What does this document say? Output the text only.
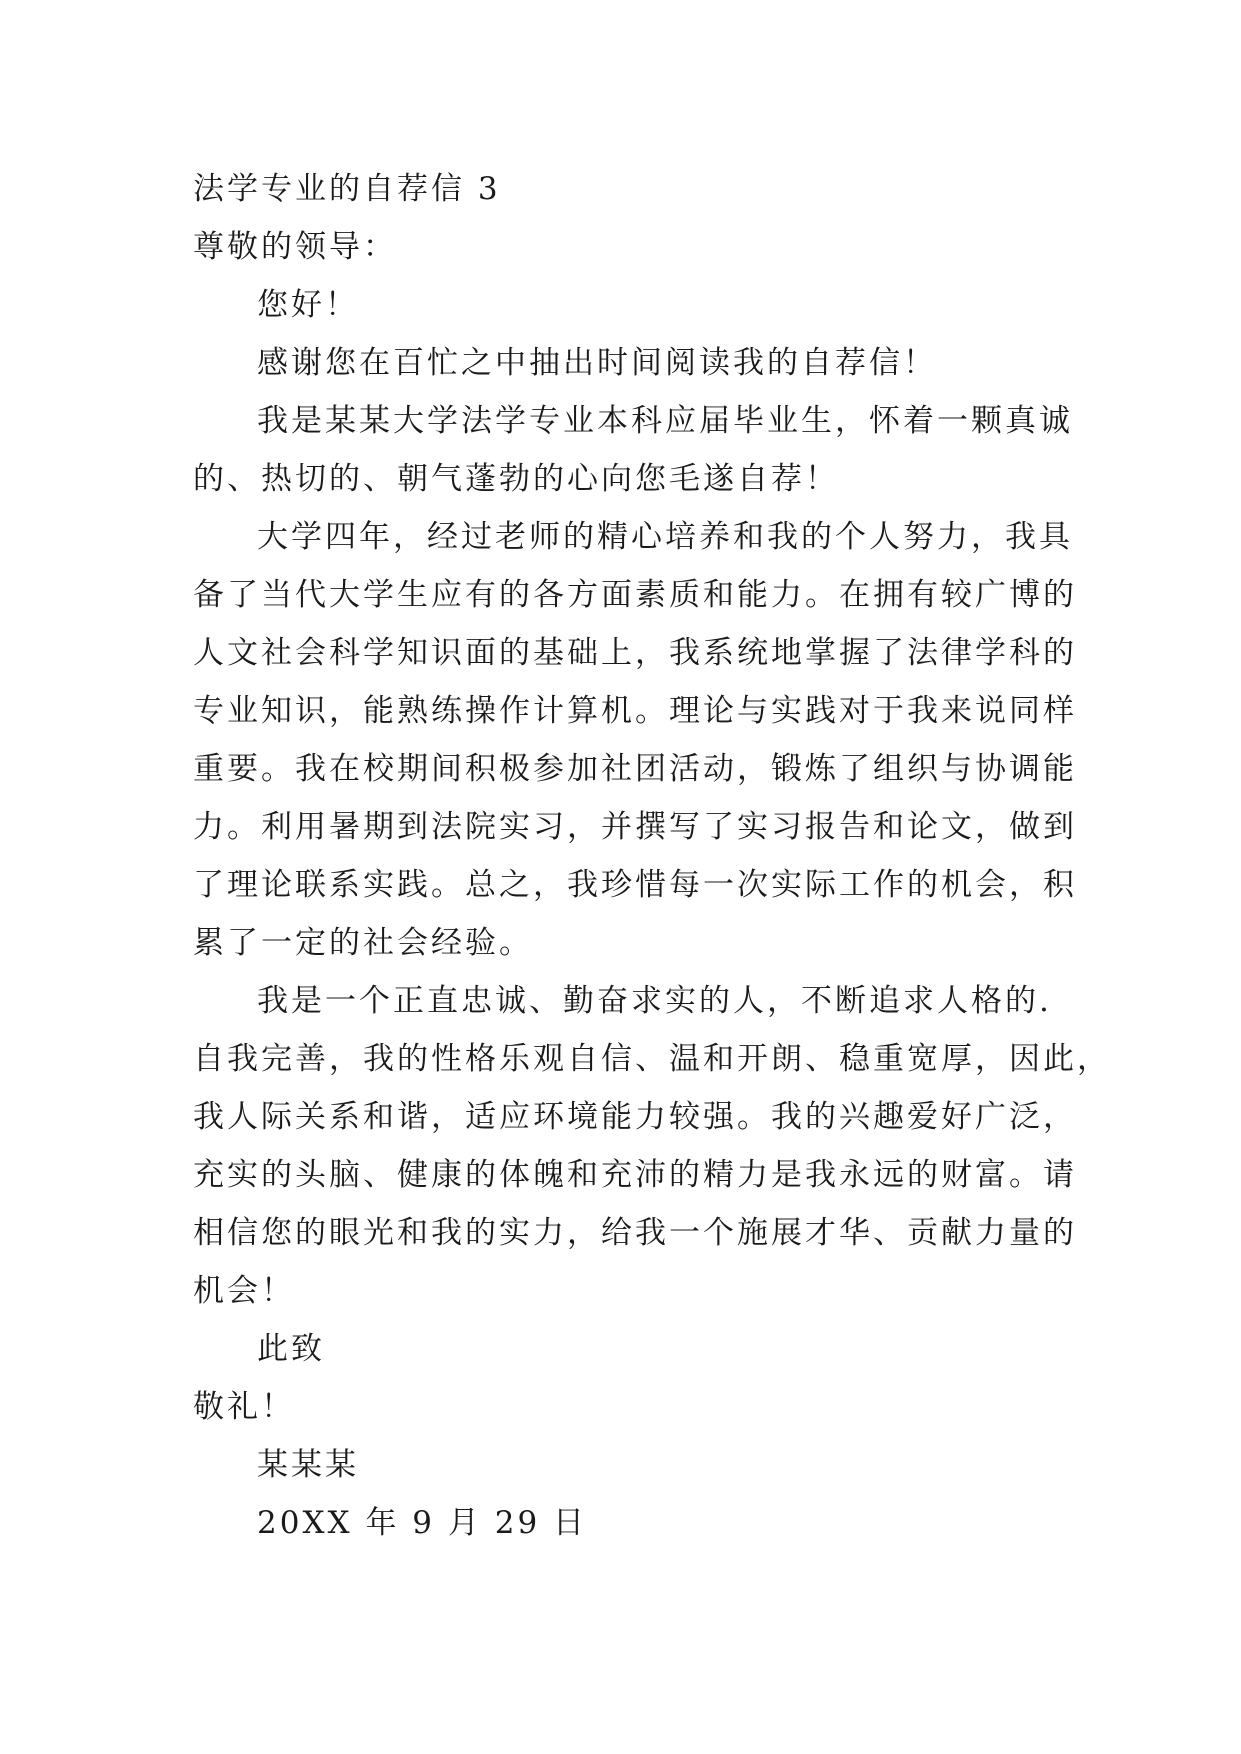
法学专业的自荐信 3
尊敬的领导：
您好！
感谢您在百忙之中抽出时间阅读我的自荐信！
我是某某大学法学专业本科应届毕业生，怀着一颗真诚
的、热切的、朝气蓬勃的心向您毛遂自荐！
大学四年，经过老师的精心培养和我的个人努力，我具
备了当代大学生应有的各方面素质和能力。在拥有较广博的
人文社会科学知识面的基础上，我系统地掌握了法律学科的
专业知识，能熟练操作计算机。理论与实践对于我来说同样
重要。我在校期间积极参加社团活动，锻炼了组织与协调能
力。利用暑期到法院实习，并撰写了实习报告和论文，做到
了理论联系实践。总之，我珍惜每一次实际工作的机会，积
累了一定的社会经验。
我是一个正直忠诚、勤奋求实的人，不断追求人格的.
自我完善，我的性格乐观自信、温和开朗、稳重宽厚，因此，
我人际关系和谐，适应环境能力较强。我的兴趣爱好广泛，
充实的头脑、健康的体魄和充沛的精力是我永远的财富。请
相信您的眼光和我的实力，给我一个施展才华、贡献力量的
机会！
此致
敬礼！
某某某
20XX 年 9 月 29 日
